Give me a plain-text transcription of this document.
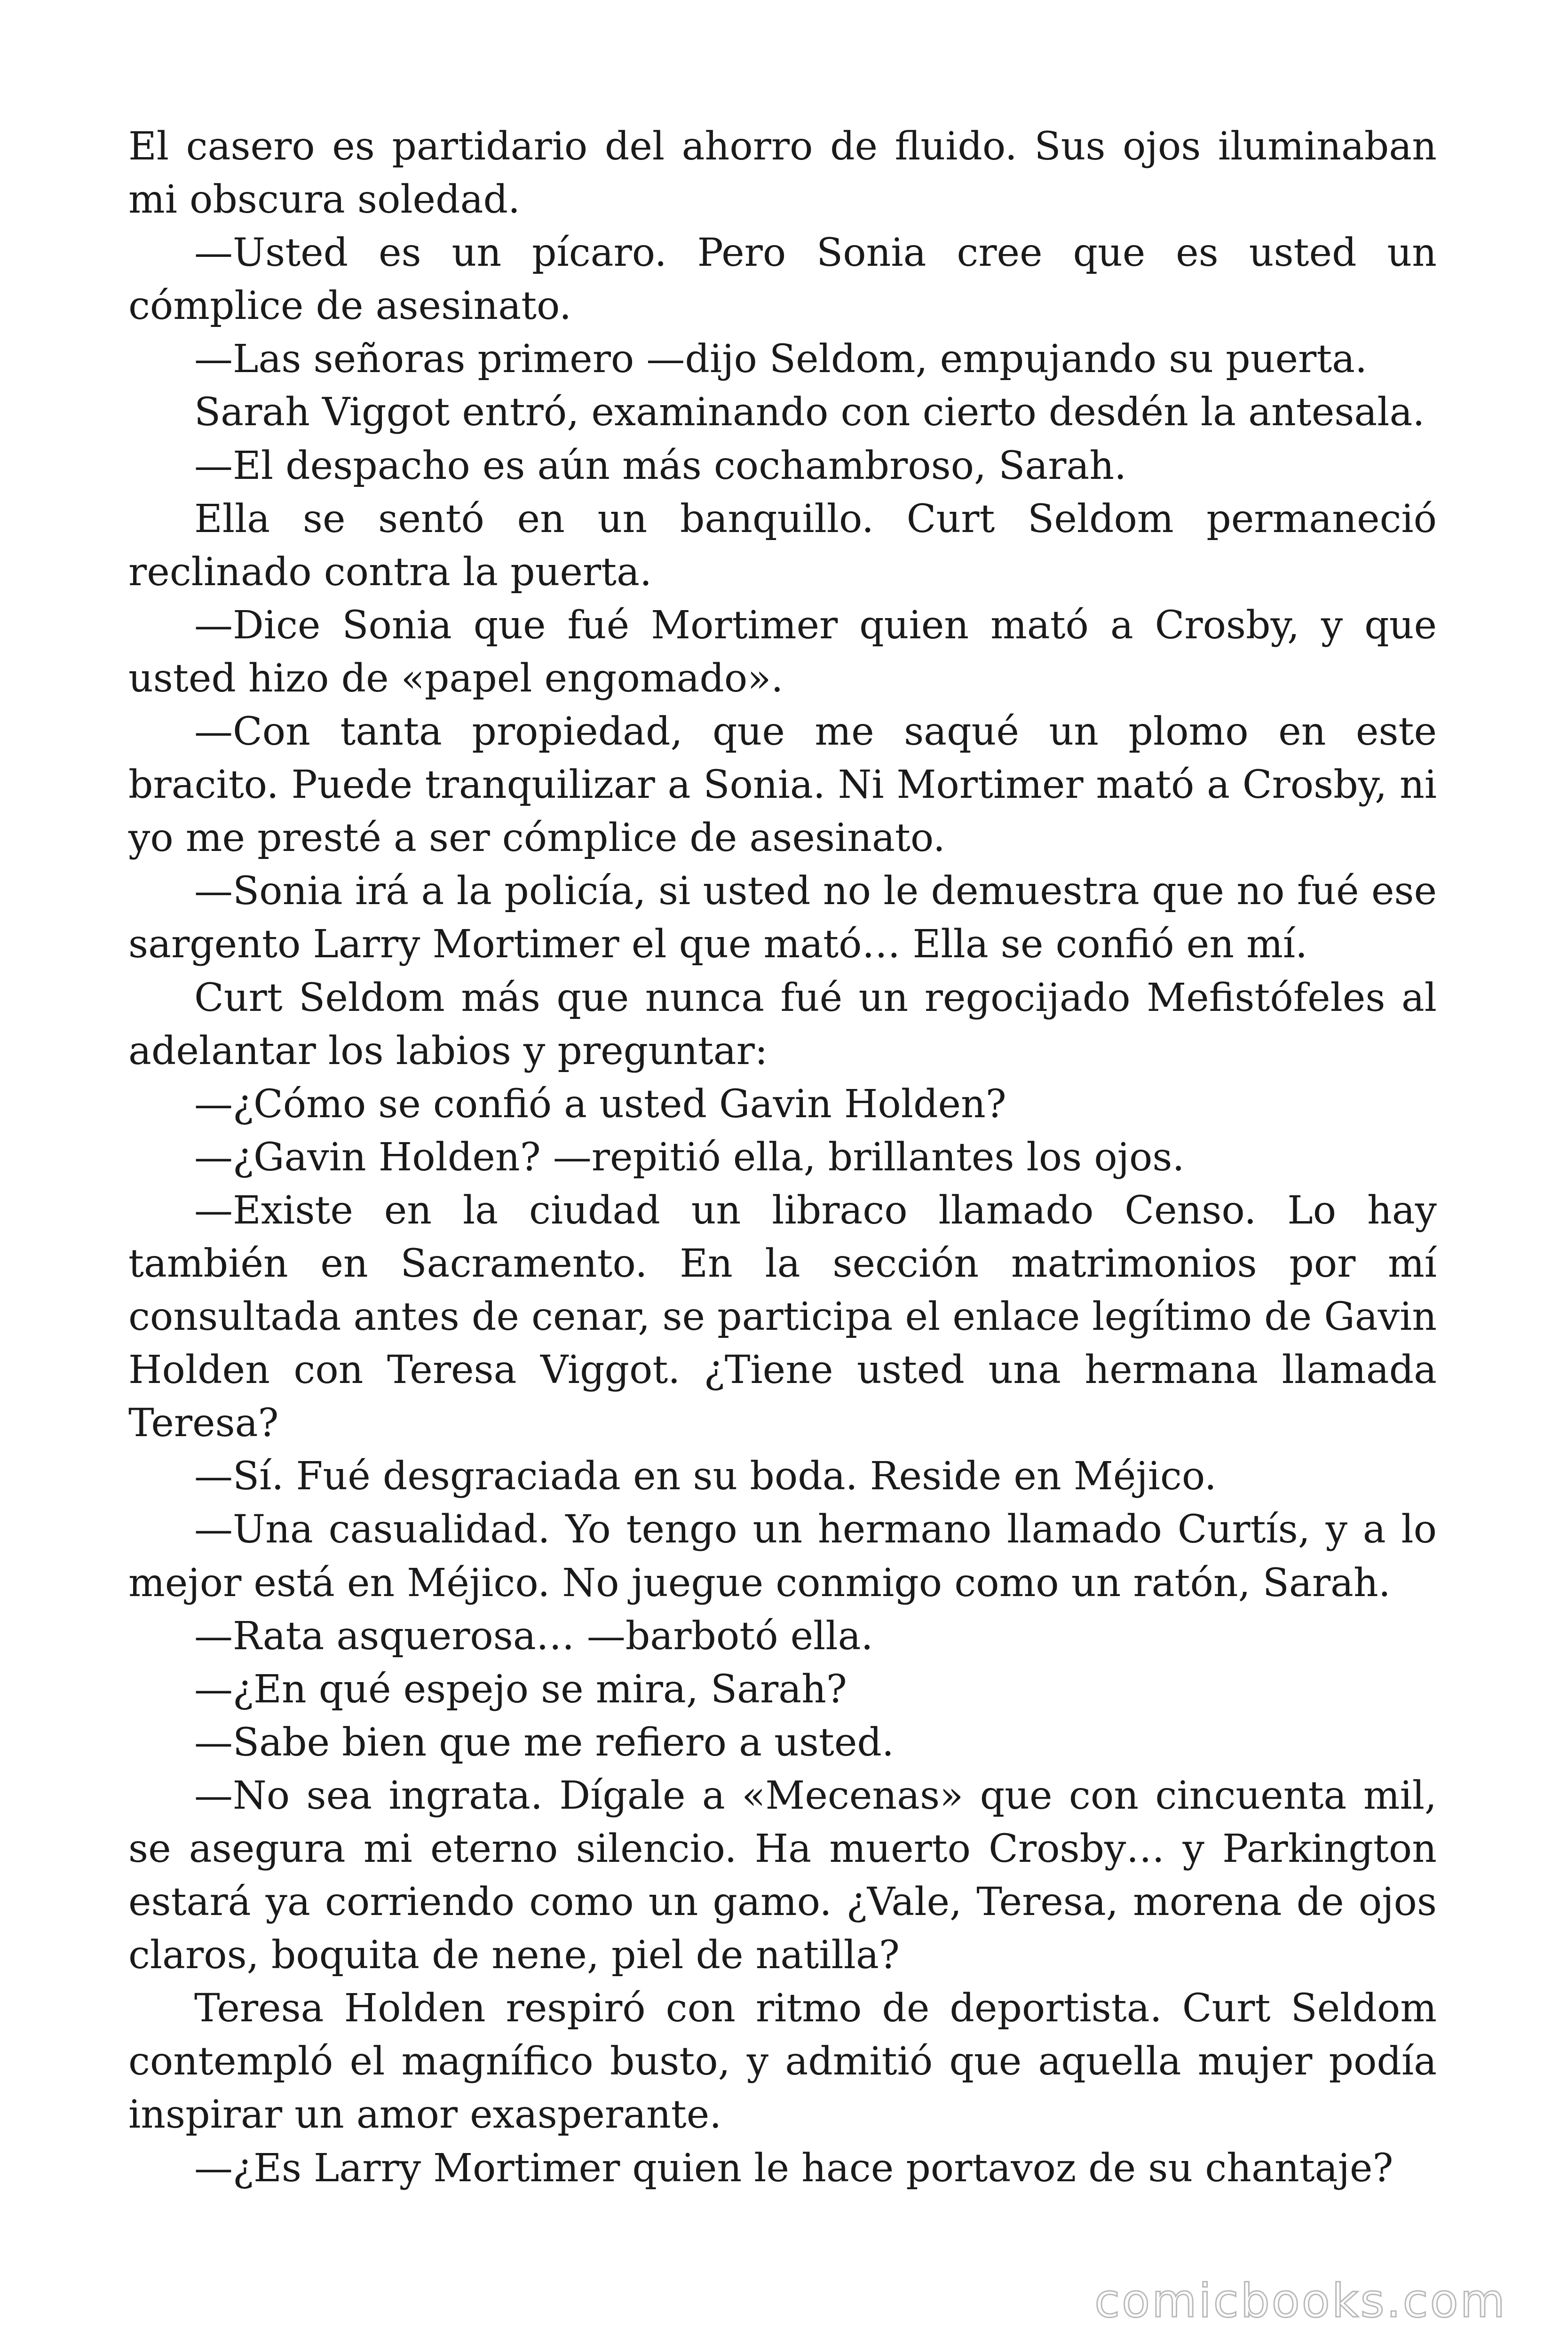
El casero es partidario del ahorro de fluido. Sus ojos iluminaban mi obscura soledad.

—Usted es un pícaro. Pero Sonia cree que es usted un cómplice de asesinato.

—Las señoras primero —dijo Seldom, empujando su puerta.

Sarah Viggot entró, examinando con cierto desdén la antesala.

—El despacho es aún más cochambroso, Sarah.

Ella se sentó en un banquillo. Curt Seldom permaneció reclinado contra la puerta.

—Dice Sonia que fué Mortimer quien mató a Crosby, y que usted hizo de «papel engomado».

—Con tanta propiedad, que me saqué un plomo en este bracito. Puede tranquilizar a Sonia. Ni Mortimer mató a Crosby, ni yo me presté a ser cómplice de asesinato.

—Sonia irá a la policía, si usted no le demuestra que no fué ese sargento Larry Mortimer el que mató… Ella se confió en mí.

Curt Seldom más que nunca fué un regocijado Mefistófeles al adelantar los labios y preguntar:

—¿Cómo se confió a usted Gavin Holden?

—¿Gavin Holden? —repitió ella, brillantes los ojos.

—Existe en la ciudad un libraco llamado Censo. Lo hay también en Sacramento. En la sección matrimonios por mí consultada antes de cenar, se participa el enlace legítimo de Gavin Holden con Teresa Viggot. ¿Tiene usted una hermana llamada Teresa?

—Sí. Fué desgraciada en su boda. Reside en Méjico.

—Una casualidad. Yo tengo un hermano llamado Curtís, y a lo mejor está en Méjico. No juegue conmigo como un ratón, Sarah.

—Rata asquerosa… —barbotó ella.

—¿En qué espejo se mira, Sarah?

—Sabe bien que me refiero a usted.

—No sea ingrata. Dígale a «Mecenas» que con cincuenta mil, se asegura mi eterno silencio. Ha muerto Crosby… y Parkington estará ya corriendo como un gamo. ¿Vale, Teresa, morena de ojos claros, boquita de nene, piel de natilla?

Teresa Holden respiró con ritmo de deportista. Curt Seldom contempló el magnífico busto, y admitió que aquella mujer podía inspirar un amor exasperante.

—¿Es Larry Mortimer quien le hace portavoz de su chantaje?

comicbooks.com
